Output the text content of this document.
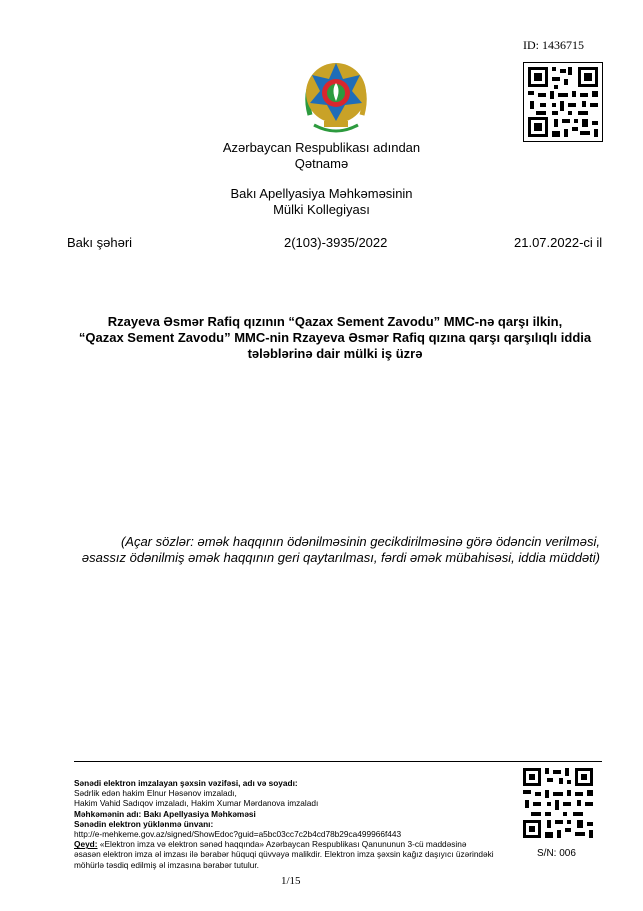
ID: 1436715
Azərbaycan Respublikası adından
Qətnamə
Bakı Apellyasiya Məhkəməsinin
Mülki Kollegiyası
Bakı şəhəri	2(103)-3935/2022	21.07.2022-ci il
Rzayeva Əsmər Rafiq qızının “Qazax Sement Zavodu” MMC-nə qarşı ilkin,
“Qazax Sement Zavodu” MMC-nin Rzayeva Əsmər Rafiq qızına qarşı qarşılıqlı iddia
tələblərinə dair mülki iş üzrə
(Açar sözlər: əmək haqqının ödənilməsinin gecikdirilməsinə görə ödəncin verilməsi,
əsassız ödənilmiş əmək haqqının geri qaytarılması, fərdi əmək mübahisəsi, iddia müddəti)
Sənədi elektron imzalayan şəxsin vəzifəsi, adı və soyadı:
Sədrlik edən hakim Elnur Həsənov imzaladı,
Hakim Vahid Sadıqov imzaladı, Hakim Xumar Mərdanova imzaladı
Məhkəmənin adı: Bakı Apellyasiya Məhkəməsi
Sənədin elektron yüklənmə ünvanı:
http://e-mehkeme.gov.az/signed/ShowEdoc?guid=a5bc03cc7c2b4cd78b29ca499966f443
Qeyd: «Elektron imza və elektron sənəd haqqında» Azərbaycan Respublikası Qanununun 3-cü maddəsinə
əsasən elektron imza əl imzası ilə bərabər hüquqi qüvvəyə malikdir. Elektron imza şəxsin kağız daşıyıcı üzərindəki
möhürlə təsdiq edilmiş əl imzasına bərabər tutulur.
S/N: 006
1/15
